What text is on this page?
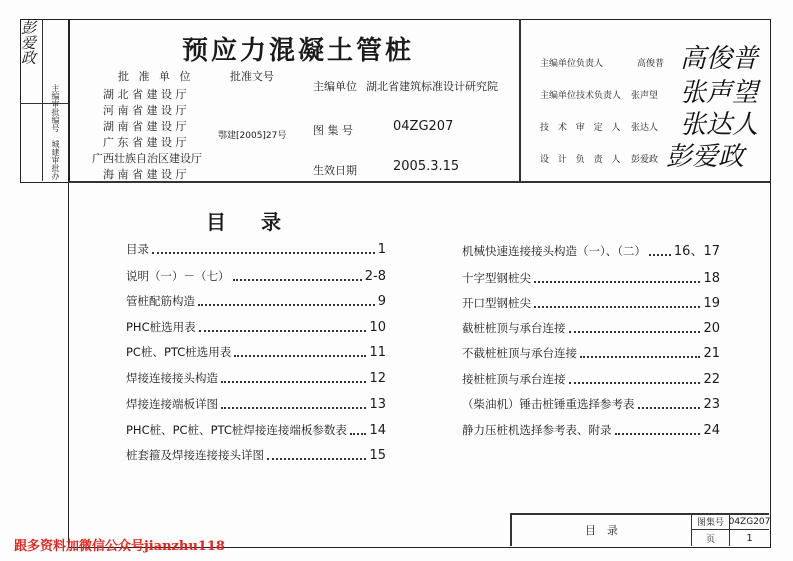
彭爱政
主编审批编号
城建审批办
预应力混凝土管桩
批 准 单 位	批准文号
湖 北 省 建 设 厅
河 南 省 建 设 厅
湖 南 省 建 设 厅
广 东 省 建 设 厅
广西壮族自治区建设厅
海 南 省 建 设 厅
鄂建[2005]27号
主编单位 湖北省建筑标准设计研究院
图 集 号	04ZG207
生效日期	2005.3.15
主编单位负责人	高俊普 高俊普
主编单位技术负责人 张声望 张声望
技 术 审 定 人 张达人 张达人
设 计 负 责 人 彭爱政 彭爱政
目 录
目录	1
说明（一）－（七）	2-8
管桩配筋构造	9
PHC桩选用表	10
PC桩、PTC桩选用表	11
焊接连接接头构造	12
焊接连接端板详图	13
PHC桩、PC桩、PTC桩焊接连接端板参数表 14
桩套箍及焊接连接接头详图	15
机械快速连接接头构造（一）、（二） 16、17
十字型钢桩尖	18
开口型钢桩尖	19
截桩桩顶与承台连接	20
不截桩桩顶与承台连接	21
接桩桩顶与承台连接	22
（柴油机）锤击桩锤重选择参考表	23
静力压桩机选择参考表、附录	24
目　录
图集号 04ZG207
页	1
跟多资料加微信公众号jianzhu118
